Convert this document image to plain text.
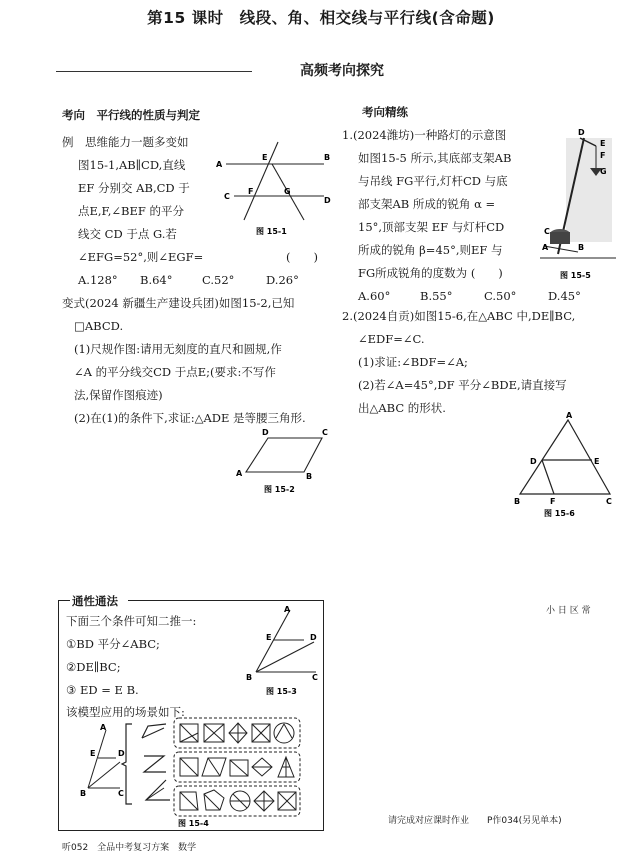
第15 课时　线段、角、相交线与平行线(含命题)
高频考向探究
考向　平行线的性质与判定
例　思维能力一题多变如
图15-1,AB∥CD,直线
EF 分别交 AB,CD 于
点E,F,∠BEF 的平分
线交 CD 于点 G.若
∠EFG=52°,则∠EGF=	(　　)
A.128° B.64°	C.52°	D.26°
A
E	B
C
F	G
D
图 15-1
变式(2024 新疆生产建设兵团)如图15-2,已知
□ABCD.
(1)尺规作图:请用无刻度的直尺和圆规,作
∠A 的平分线交CD 于点E;(要求:不写作
法,保留作图痕迹)
(2)在(1)的条件下,求证:△ADE 是等腰三角形.
D	C
A	B
图 15-2
考向精练
1.(2024潍坊)一种路灯的示意图
如图15-5 所示,其底部支架AB
与吊线 FG平行,灯杆CD 与底
部支架AB 所成的锐角 α =
15°,顶部支架 EF 与灯杆CD
所成的锐角 β=45°,则EF 与
FG所成锐角的度数为 (　　)
A.60°	B.55°	C.50°	D.45°
D
E
F
G
C
A	B
图 15-5
2.(2024自贡)如图15-6,在△ABC 中,DE∥BC,
∠EDF=∠C.
(1)求证:∠BDF=∠A;
(2)若∠A=45°,DF 平分∠BDE,请直接写
出△ABC 的形状.
A
D	E
B	F	C
图 15-6
通性通法
下面三个条件可知二推一:
①BD 平分∠ABC;
②DE∥BC;
③ ED = E B.
该模型应用的场景如下:
A
E	D
B	C
图 15-3
A
E	D
B	C
图 15-4
小 日 区 常
听052　全品中考复习方案　数学
请完成对应课时作业　　P作034(另见单本)
